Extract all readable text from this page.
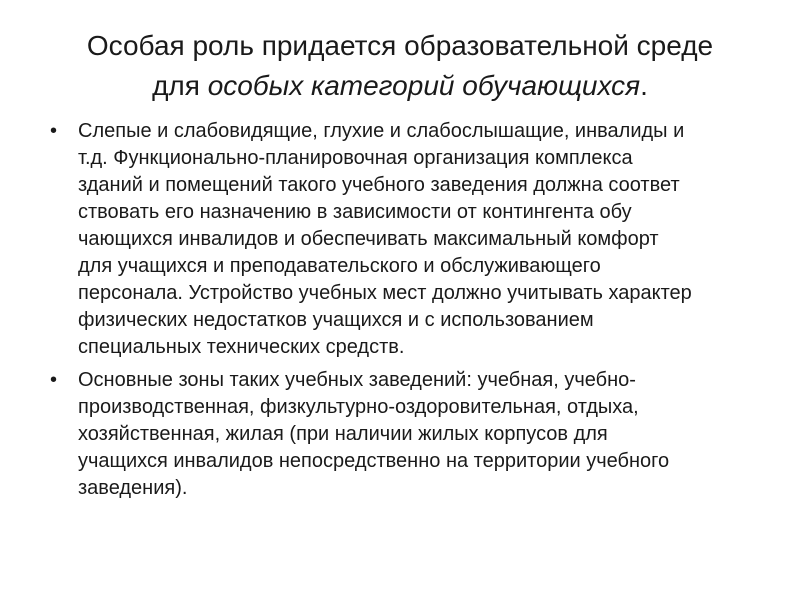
Особая роль придается образовательной среде
для особых категорий обучающихся.
•	Слепые и слабовидящие, глухие и слабослышащие, инвалиды и
т.д. Функционально-планировочная организация комплекса
зданий и помещений такого учебного заведения должна соответ
ствовать его назначению в зависимости от контингента обу
чающихся инвалидов и обеспечивать максимальный комфорт
для учащихся и преподавательского и обслуживающего
персонала. Устройство учебных мест должно учитывать характер
физических недостатков учащихся и с использованием
специальных технических средств.
•	Основные зоны таких учебных заведений: учебная, учебно-
производственная, физкультурно-оздоровительная, отдыха,
хозяйственная, жилая (при наличии жилых корпусов для
учащихся инвалидов непосредственно на территории учебного
заведения).
